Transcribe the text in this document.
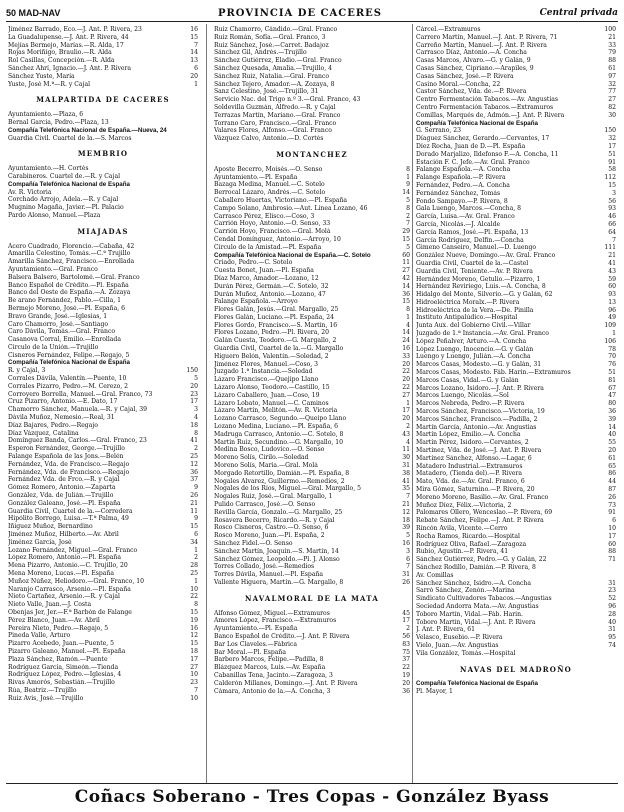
50 MAD-NAV	PROVINCIA DE CACERES	Central privada
Jiménez Barrado, Eco.—J. Ant. P. Rivera, 23	16
La Guadalupense.—J. Ant. P. Rivera, 44	15
Mejías Bermejo, Marías.—R. Alda, 17	7
Rojas Moriñigo, Braulio.—R. Alda	14
Rol Casillas, Concepción.—R. Alda	13
Sánchez Ahrí, Ignacio.—J. Ant. P. Rivera	6
Sánchez Yuste, María	20
Yuste, José M.ª—R. y Cajal	1
MALPARTIDA DE CACERES
Ayuntamiento.—Plaza, 6
Bernal García, Pedro.—Plaza, 13
Compañía Telefónica Nacional de España.—Nueva, 24
Guardia Civil. Cuartel de la.—S. Marcos
MEMBRIO
Ayuntamiento.—H. Cortés
Carabineros. Cuartel de.—R. y Cajal
Compañía Telefónica Nacional de España
Av. R. Victoria
Corchado Arrojo, Adela.—R. y Cajal
Mugnino Magaña, Javier.—Pl. Palacio
Pardo Alonso, Manuel.—Plaza
MIAJADAS
Acero Cuadrado, Florencio.—Cabaña, 42
Amarilla Celestino, Tomás.—C.ª Trujillo
Amarilla Sánchez, Francisco.—Enrollada
Ayuntamiento.—Gral. Franco
Balsera Balsero, Bartolomé.—Gral. Franco
Banco Español de Crédito.—Pl. España
Banco del Oeste de España.—A. Zozaya
Be arano Fernández, Pablo.—Cilla, 1
Bermejo Moreno, José.—Pl. España, 6
Bravo Grande, José.—Iglesias, 1
Caro Chamorro, José.—Santiago
Caro Dávila, Tomás.—Gral. Franco
Casanova Corral, Emilio.—Enrollada
Círculo de la Unión.—Trujillo
Cisneros Fernández, Felipe.—Regajo, 5
Compañía Telefónica Nacional de España
R. y Cajal, 3	150
Corrales Dávila, Valentín.—Puente, 10	5
Corrales Pizarro, Pedro.—M. Cerezo, 2	20
Corroyero Borrella, Manuel.—Gral. Franco, 73	23
Cruz Pizarro, Antonio.—E. Dato, 17	17
Chamorro Sánchez, Manuela.—R. y Cajal, 39	3
Dávila Muñoz, Nemesio.—Real, 31	4
Díaz Bajares, Pedro.—Regajo	18
Díaz Vázquez, Catalina	8
Domínguez Banda, Carlos.—Gral. Franco, 23	41
Esperon Fernández, George.—Trujillo	2
Falange Española de las Jons.—Belén	25
Fernández, Vda. de Francisco.—Regajo	12
Fernández, Vda. de Francisco.—Regajo	36
Fernández Vda. de Frco.—R. y Cajal	37
Gómez Romero, Antonio.—Zaparta	9
González, Vda. de Julián.—Trujillo	26
González Galeano, José.—Pl. España	21
Guardia Civil, Cuartel de la.—Corredera	11
Hipólito Borrego, Luisa.—T.ª Palma, 49	9
Iñiguez Muñoz, Bernardino	15
Jiménez Muñoz, Hilberto.—Av. Abril	6
Jiménez García, José	34
Lozano Fernández, Miguel.—Gral. Franco	1
López Romero, Antonio.—Pl. España	2
Mena Pizarro, Antonio.—C. Trujillo, 20	28
Mena Moreno, Lucas.—Pl. España	25
Muñoz Núñez, Heliodoro.—Gral. Franco, 10	1
Naranjo Carrasco, Arsenio.—Pl. España	10
Nieto Cartañez, Arsenio.—R. y Cajal	22
Nieto Valle, Juan.—J. Costa	8
Obenjas Jer, Jer.—F.ª Barbón de Falange	15
Pérez Blanco, Juan.—Av. Abril	19
Pereira Nieto, Pedro.—Regajo, 5	16
Pineda Valle, Arturo	12
Pizarro Acebedo, Juan.—Puente, 5	15
Pizarro Galeano, Manuel.—Pl. España	18
Plaza Sánchez, Ramón.—Puente	17
Rodríguez García, Simeón.—Tienda	27
Rodríguez López, Pedro.—Iglesias, 4	10
Rivas Amorós, Sebastián.—Trujillo	23
Rúa, Beatriz.—Trujillo	7
Ruiz Avis, José.—Trujillo	10
Ruiz Chamorro, Cándido.—Gral. Franco
Ruiz Román, Sofía.—Gral. Franco, 3
Ruiz Sánchez, José.—Carret. Badajoz
Sánchez Gil, Andrés.—Trujillo
Sánchez Gutiérrez, Eladio.—Gral. Franco
Sánchez Quesada, Amalia.—Trujillo, 4
Sánchez Ruiz, Natalia.—Gral. Franco
Sánchez Tejero, Amador.—A. Zozaya, 8
Sanz Celestino, José.—Trujillo, 31
Servicio Nac. del Trigo n.º 3.—Gral. Franco, 43
Soldevilla Guzmán, Alfredo.—R. y Cajal
Terrazas Martín, Mariano.—Gral. Franco
Torrano Caro, Francisco.—Gral. Franco
Valares Flores, Alfonso.—Gral. Franco
Vázquez Calvo, Antonio.—D. Cortés
MONTANCHEZ
Aposte Becerro, Moisés.—O. Senso	8
Ayuntamiento.—Pl. España	1
Bazaga Medina, Manuel.—C. Sotelo	9
Berrocal Lázaro, Andrés.—C. Sotelo	14
Caballero Huertas, Victoriano.—Pl. España	5
Campo Solano, Ambrosio.—Aut. Linea Lozano, 46	8
Carrasco Pérez, Elisco.—Coso, 3	2
Carrión Hoyo, Antonio.—O. Senso, 33	7
Carrión Hoyo, Francisco.—Gral. Molá	29
Cendal Domínguez, Antonio.—Arroyo, 10	15
Círculo de la Amistad.—Pl. España	5
Compañía Telefónica Nacional de España.—C. Sotelo	60
Criado, Pedro.—C. Sotelo	11
Cuesta Bonet, Juan.—Pl. España	27
Díaz Marco, Amador.—Lozano, 12	42
Durán Pérez, Germán.—C. Sotelo, 32	14
Durán Muñoz, Antonio.—Lozano, 47	36
Falange Española.—Arroyo	15
Flores Galán, Jesús.—Gral. Margallo, 25	8
Flores Galán, Luciano.—Pl. España, 24	1
Flores Gordo, Francisco.—S. Martín, 16	4
Flores Lozano, Pedro.—Pl. Rivera, 20	14
Galán Cuesta, Teodoro.—G. Margallo, 2	24
Guardia Civil, Cuartel de la.—G. Margallo	16
Higuero Belón, Valentín.—Soledad, 2	33
Jiménez Flores, Manuel.—Coso, 3	20
Juzgado 1.ª Instancia.—Soledad	22
Lázaro Francisco.—Quejipo Llano	20
Lázaro Alonso, Teodoro.—Castillo, 15	22
Lázaro Caballero, Juan.—Coso, 19	27
Lázaro Lobato, Manuel.—C. Caminos	1
Lázaro Martín, Melitón.—Av. R. Victoria	17
Lozano Carrasco, Segundo.—Queipo Llano	20
Lozano Medina, Luciano.—Pl. España, 6	2
Madruga Carrasco, Antonio.—C. Sotelo, 8	43
Martín Ruiz, Secundino.—G. Margallo, 10	4
Medina Bosco, Ludovico.—O. Senso	11
Moreno Solís, Cirilo.—Soledad	30
Moreno Solís, María.—Gral. Molá	31
Morgado Retortillo, Damián.—Pl. España, 8	38
Nogales Álvarez, Guillermo.—Remedios, 2	41
Nogales de los Ríos, Miguel.—Gral. Margallo, 5	35
Nogales Ruiz, José.—Gral. Margallo, 1	7
Pulido Carrasco, José.—O. Senso	21
Revilla García, Gonzalo.—G. Margallo, 25	12
Rosavera Becerro, Ricardo.—R. y Cajal	18
Rosco Cisneros, Castro.—O. Senso, 6	39
Rosco Moreno, Juan.—Pl. España, 2	5
Sánchez Fidel.—O. Senso	16
Sánchez Martín, Joaquín.—S. Martín, 14	3
Sánchez Gómez, Leopoldo.—Pl. J. Alonso	6
Torres Collado, José.—Remedios	7
Torres Dávila, Manuel.—Pl. España	31
Vallente Higuera, Martín.—G. Margallo, 8	26
NAVALMORAL DE LA MATA
Alfonso Gómez, Miguel.—Extramuros	45
Amores López, Francisco.—Extramuros	17
Ayuntamiento.—Pl. España	2
Banco Español de Crédito.—J. Ant. P. Rivera	56
Bar Los Claveles.—Fábrica	83
Bar Moral.—Pl. España	75
Barbero Marcos, Felipe.—Padilla, 8	37
Blázquez Marcos, Luis.—Av. España	22
Cabanillas Tena, Jacinto.—Zaragoza, 3	19
Calderón Millanes, Domingo.—J. Ant. P. Rivera	20
Cámara, Antonio de la.—A. Concha, 3	36
Cárcel.—Extramuros	100
Carrero Martín, Manuel.—J. Ant. P. Rivera, 71	21
Carreño Martín, Manuel.—J. Ant. P. Rivera	33
Carrasco Díaz, Antonio.—A. Concha	79
Casas Marcos, Álvaro.—G. y Galán, 9	88
Casas Sánchez, Cipriano.—Arapiles, 9	61
Casas Sánchez, José.—P. Rivera	97
Casino Moral.—Concha, 22	32
Castor Sánchez, Vda. de.—P. Rivera	77
Centro Fermentación Tabacos.—Av. Angustias	27
Centro Fermentación Tabacos.—Extramuros	82
Comillas, Marqués de, Admón.—J. Ant. P. Rivera	30
Compañía Telefónica Nacional de España
G. Serrano, 23	150
Díaguez Sánchez, Gerardo.—Cervantes, 17	32
Díez Rocha, Juan de D.—Pl. España	17
Dorado Marjalizo, Ildefonso F.—A. Concha, 11	51
Estación F. C. Jefe.—Av. Gral. Franco	91
Falange Española.—A. Concha	58
Falange Española.—P. Rivera	112
Fernández, Pedro.—A. Concha	15
Fernández Sánchez, Tomás	3
Fondo Sampayo.—P. Rivera, 8	56
Gala Luengo, Marcos.—Concha, 8	93
García, Luisa.—Av. Gral. Franco	46
García, Nicolás.—J. Alcalde	66
García Ramos, José.—Pl. España, 13	64
García Rodríguez, Delfín.—Concha	7
Gimeno Canseiro, Manuel.—D. Luengo	111
González Nueve, Domingo.—Av. Gral. Franco	21
Guardia Civil, Cuartel de la.—Castel	41
Guardia Civil, Teniente.—Av. P. Rivera	43
Hernández Moreno, Getulio.—Pizarro, 1	59
Hernández Reviriego, Luis.—A. Concha, 8	60
Hidalgo del Monte, Silverio.—G. y Galán, 62	93
Hidroeléctrica Moralx.—P. Rivera	13
Hidroeléctrica de la Vera.—De. Pinilla	96
Instituto Antipalúdico.—Hospital	49
Junta Aux. del Gobierno Civil.—Villar	109
Juzgado de 1.ª Instancia.—Av. Gral. Franco	1
López Peñalver, Arturo.—A. Concha	106
López Luengo, Inocencio.—G. y Galán	78
Luengo y Luengo, Julián.—A. Concha	70
Marcos Casas, Modesto.—G. y Galán, 31	76
Marcos Casas, Modesto. Fáb. Harin.—Extramuros	51
Marcos Casas, Vidal.—G. y Galán	81
Marcos Lozano, Isidoro.—J. Ant. P. Rivera	67
Marcos Luengo, Nicolás.—Sol	47
Marcos Nebreda, Pedro.—P. Rivera	80
Marcos Sánchez, Francisco.—Victoria, 19	36
Marcos Sánchez, Francisco.—Padilla, 2	39
Martín García, Antonio.—Av. Angustias	14
Martín López, Emilio.—A. Concha	40
Martín Pérez, Isidoro.—Cervantes, 2	55
Martínez, Vda. de José.—J. Ant. P. Rivera	20
Martínez Sánchez, Alfonso.—Lagar, 6	61
Matadero Industrial.—Extramuros	65
Matadero, (Tienda del).—P. Rivera	86
Mato, Vda. de.—Av. Gral. Franco, 6	44
Mira Gómez, Saturnino.—P. Rivera, 20	87
Moreno Moreno, Basilio.—Av. Gral. Franco	26
Muñoz Díez, Félix.—Victoria, 2	73
Palomares Ollero, Wenceslao.—P. Rivera, 69	91
Rebate Sánchez, Felipe.—J. Ant. P. Rivera	6
Rincón Avila, Vicente.—Cerro	10
Rocha Ramos, Ricardo.—Hospital	17
Rodríguez Oliva, Rafael.—Zaragoza	60
Rubio, Agustín.—P. Rivera, 41	88
Sánchez Gutiérrez, Pedro.—G. y Galán, 22	71
Sánchez Rodillo, Damián.—P. Rivera, 8
Av. Comillas
Sánchez Sánchez, Isidro.—A. Concha	31
Sarró Sánchez, Zenón.—Marina	23
Sindicato Cultivadores Tabacos.—Angustias	52
Sociedad Andorra Mata.—Av. Angustias	96
Toboro Martín, Vidal.—Fáb. Harin.	28
Toboro Martín, Vidal.—J. Ant. P. Rivera	40
J. Ant. P. Rivera, 61	31
Velasco, Eusebio.—P. Rivera	95
Vielo, Juan.—Av. Angustias	74
Vila González, Tomás.—Hospital
NAVAS DEL MADROÑO
Compañía Telefónica Nacional de España
Pl. Mayor, 1
Coñacs Soberano - Tres Copas - González Byass
